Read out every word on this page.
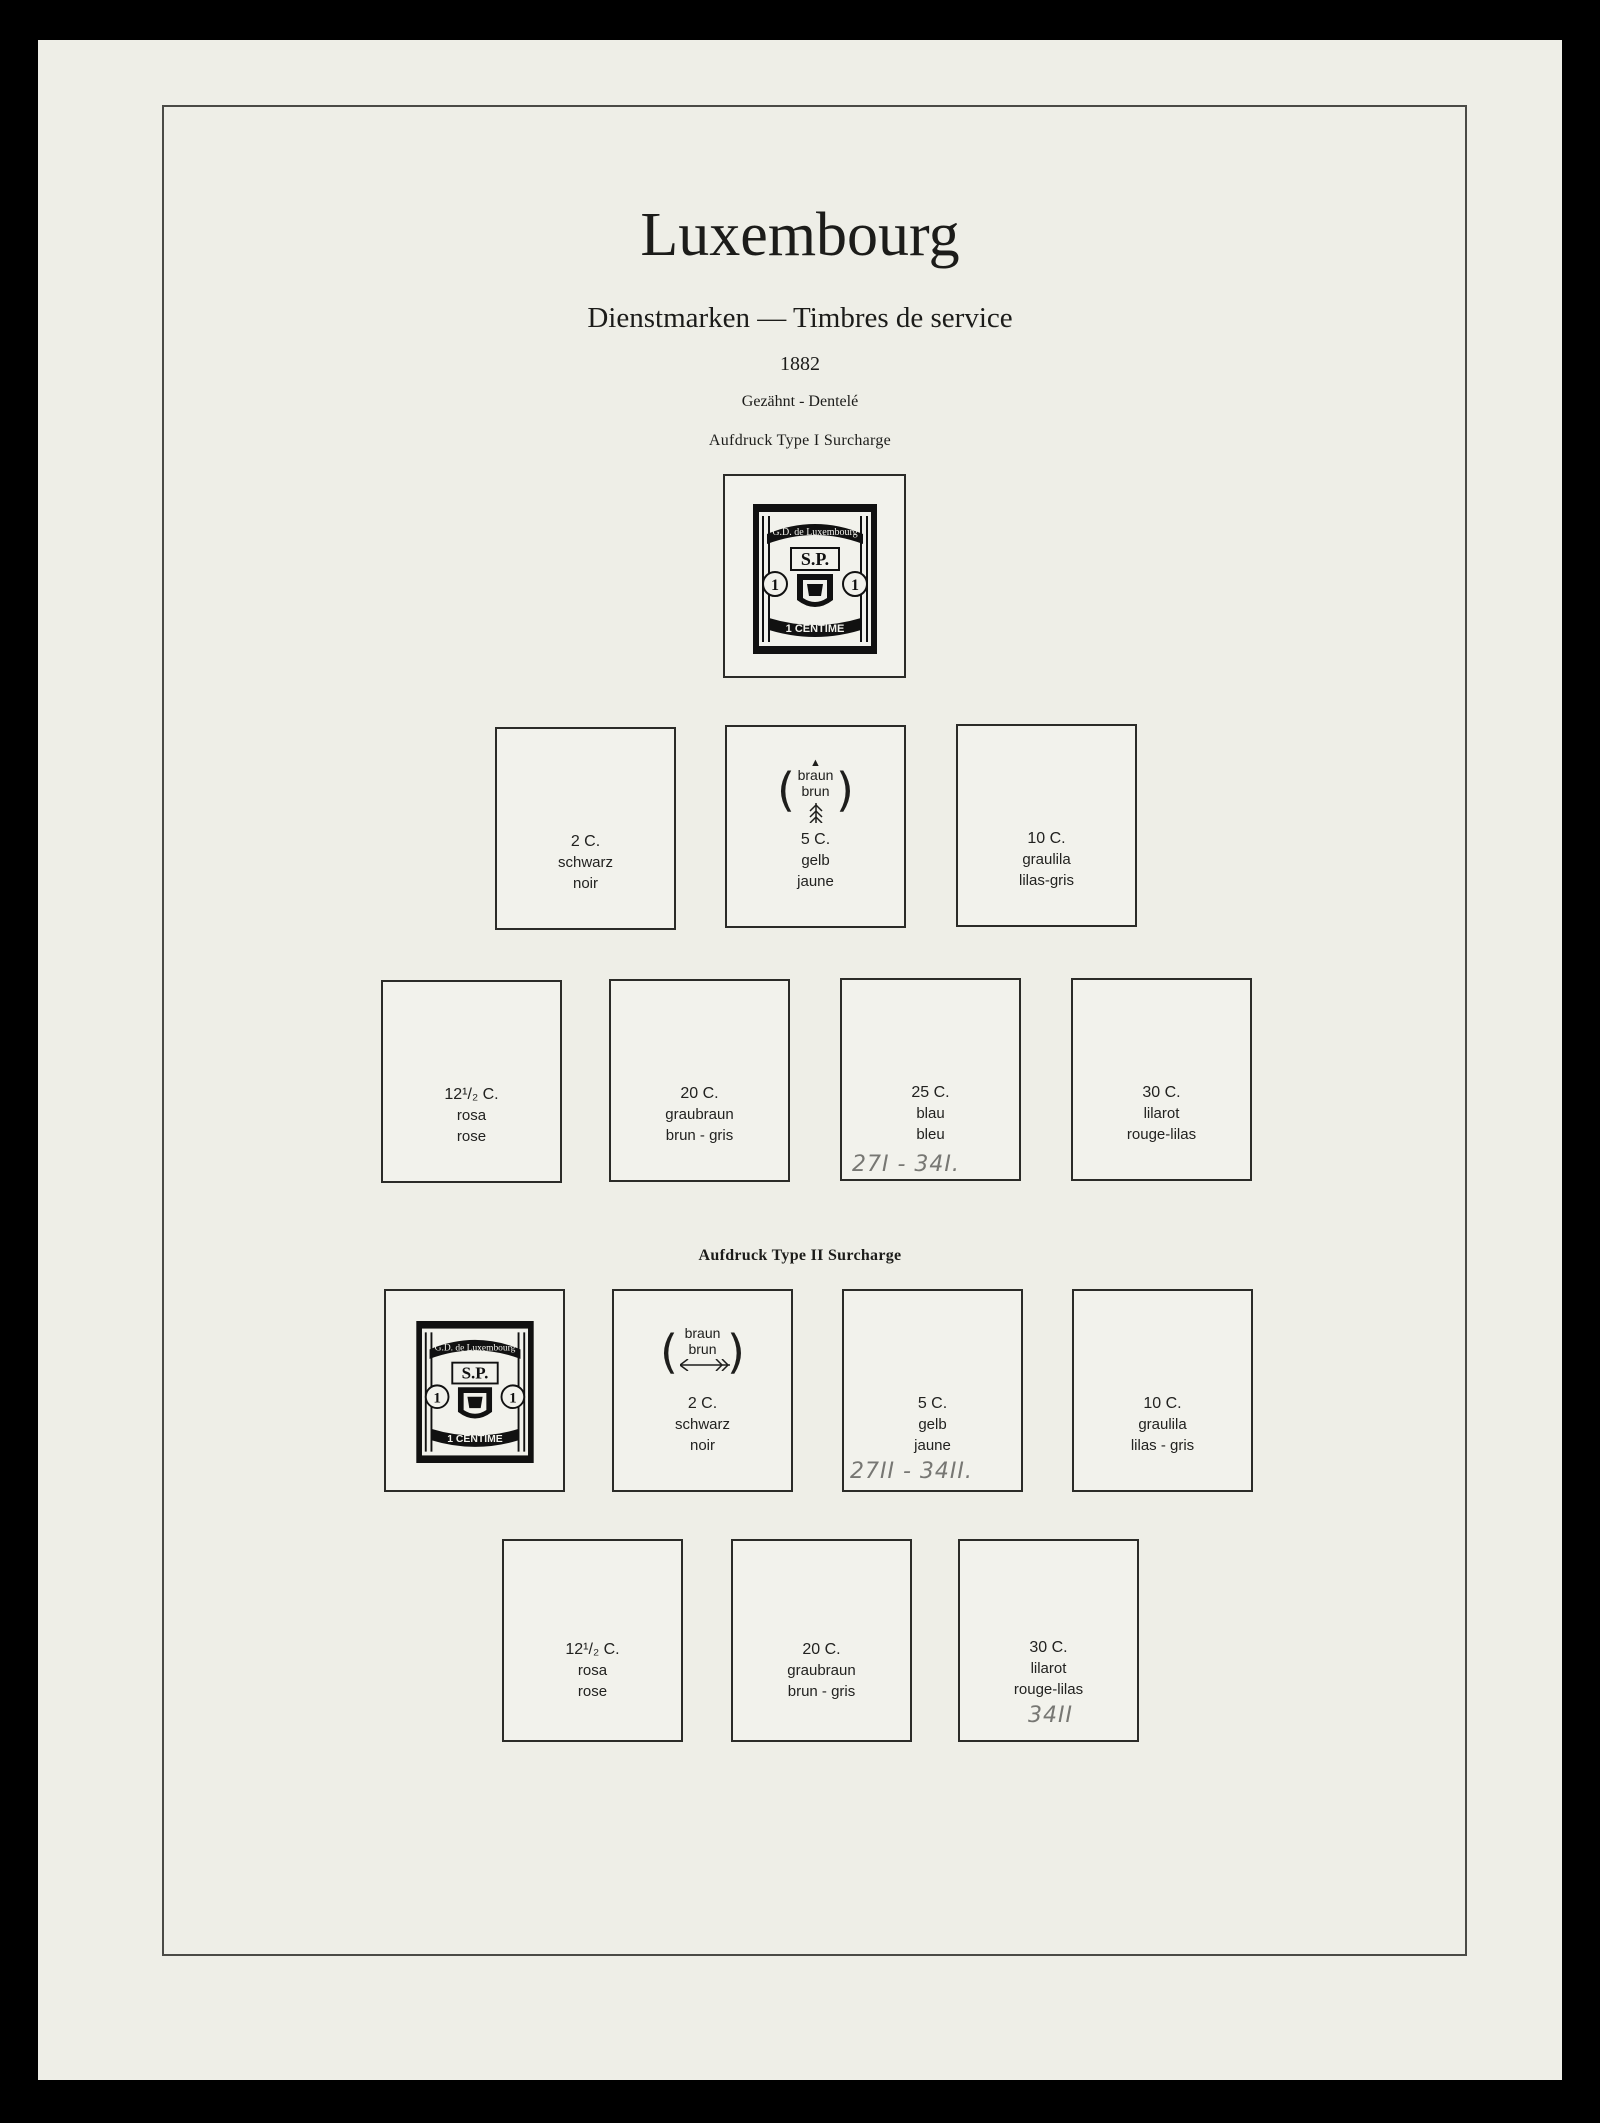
Luxembourg
Dienstmarken — Timbres de service
1882
Gezähnt - Dentelé
Aufdruck Type I Surcharge
G.D. de Luxembourg
S.P.
1	1
1 CENTIME
2 C.
schwarz
noir
( )
▲
braun
brun
5 C.
gelb
jaune
10 C.
graulila
lilas-gris
12¹/₂ C.
rosa
rose
20 C.
graubraun
brun - gris
25 C.
blau
bleu
27I - 34I.
30 C.
lilarot
rouge-lilas
Aufdruck Type II Surcharge
G.D. de Luxembourg
S.P.
1	1
1 CENTIME
( )
braun
brun
2 C.
schwarz
noir
5 C.
gelb
jaune
27II - 34II.
10 C.
graulila
lilas - gris
12¹/₂ C.
rosa
rose
20 C.
graubraun
brun - gris
30 C.
lilarot
rouge-lilas
34II
